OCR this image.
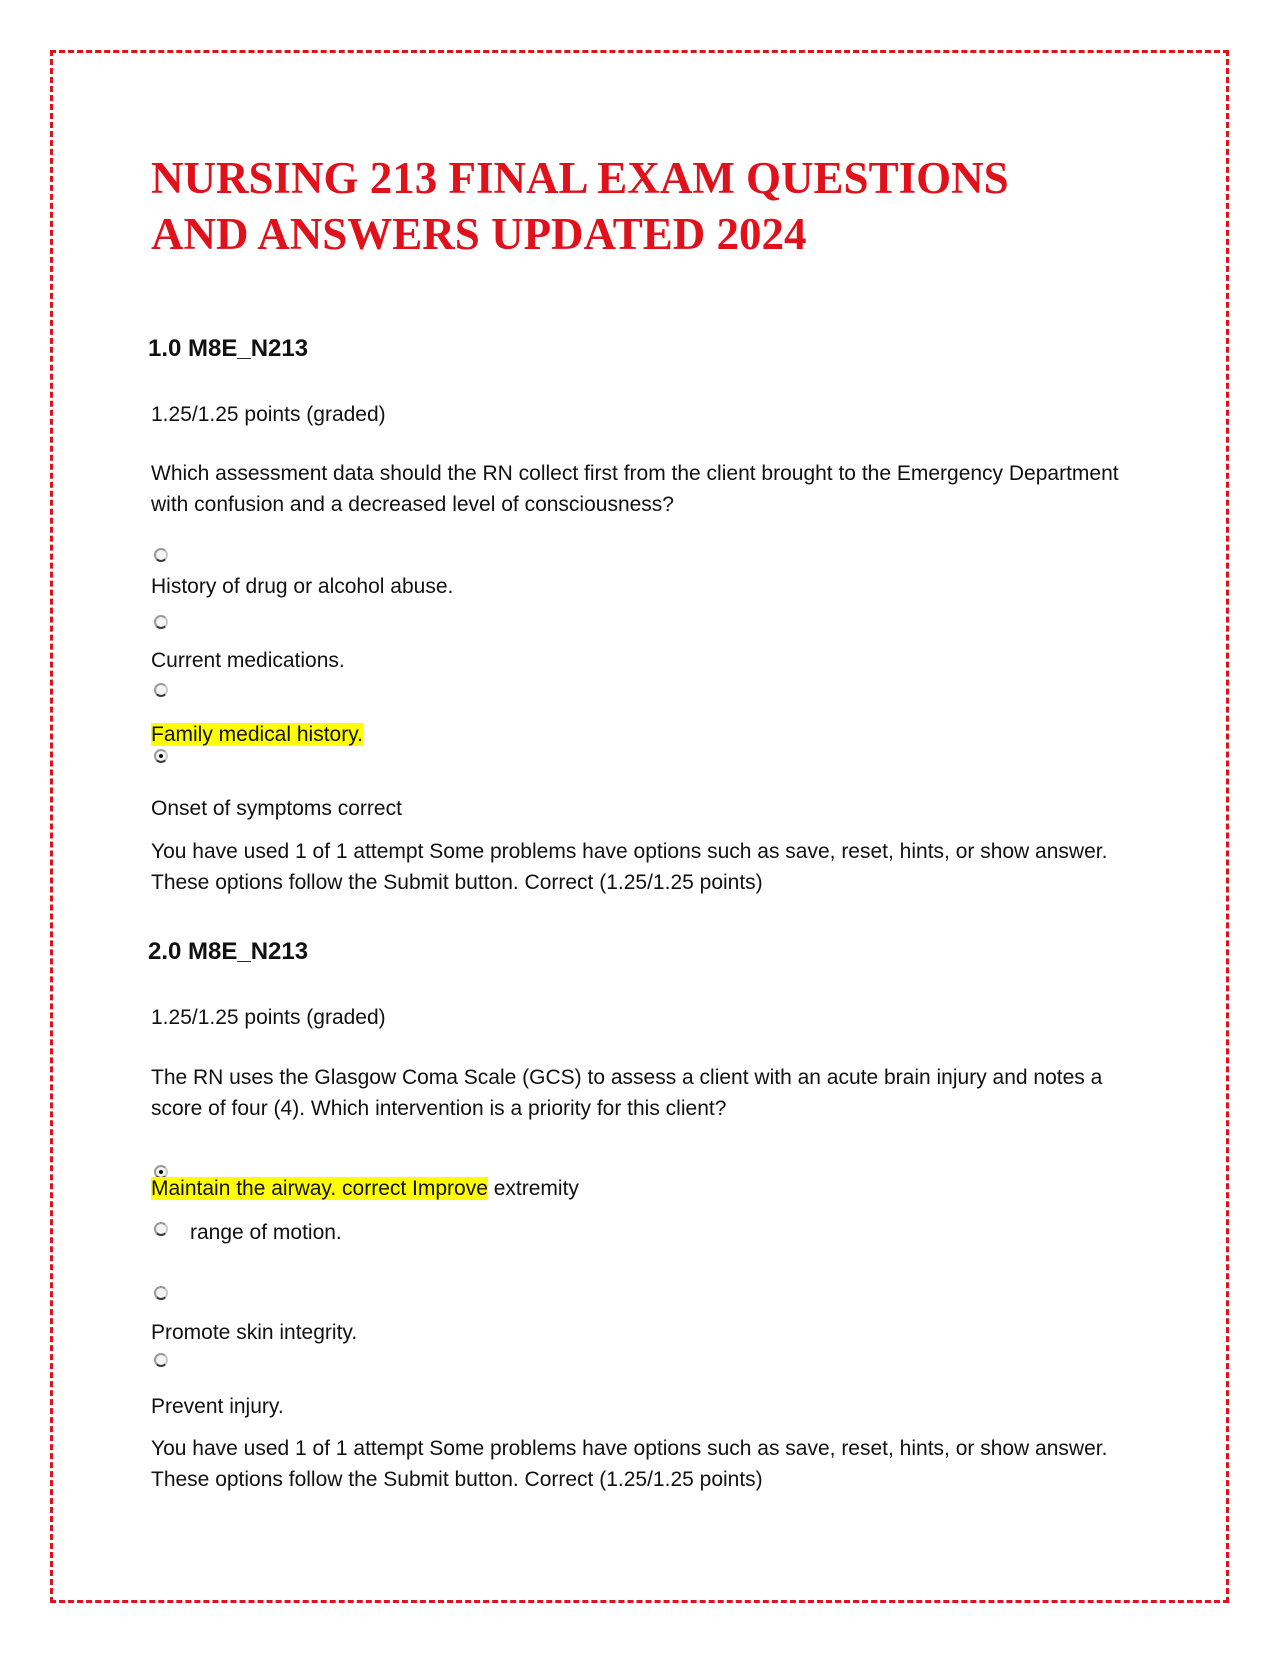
NURSING 213 FINAL EXAM QUESTIONS
AND ANSWERS UPDATED 2024

1.0 M8E_N213

1.25/1.25 points (graded)

Which assessment data should the RN collect first from the client brought to the Emergency Department with confusion and a decreased level of consciousness?

History of drug or alcohol abuse.

Current medications.

Family medical history.

Onset of symptoms correct

You have used 1 of 1 attempt Some problems have options such as save, reset, hints, or show answer. These options follow the Submit button. Correct (1.25/1.25 points)

2.0 M8E_N213

1.25/1.25 points (graded)

The RN uses the Glasgow Coma Scale (GCS) to assess a client with an acute brain injury and notes a score of four (4). Which intervention is a priority for this client?

Maintain the airway. correct Improve extremity

range of motion.

Promote skin integrity.

Prevent injury.

You have used 1 of 1 attempt Some problems have options such as save, reset, hints, or show answer. These options follow the Submit button. Correct (1.25/1.25 points)
